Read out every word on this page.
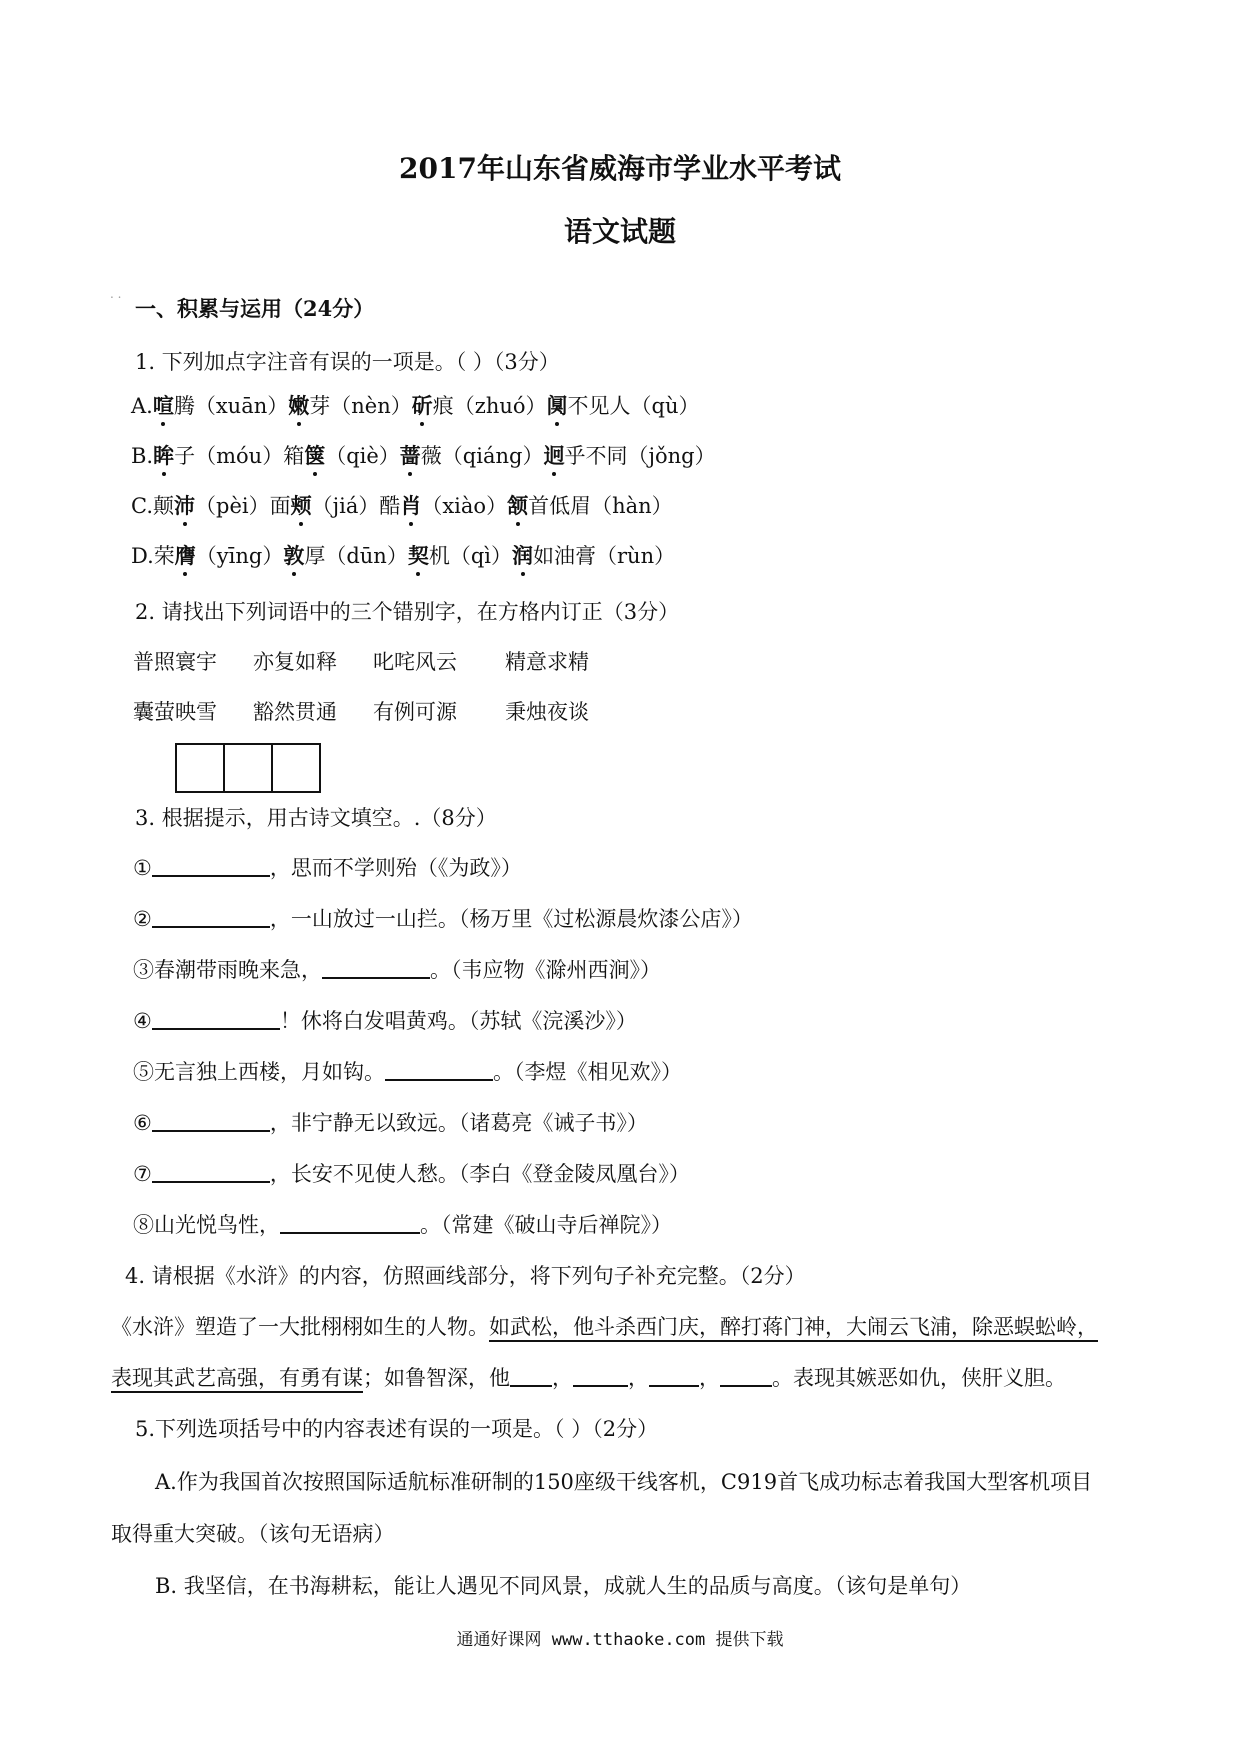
2017年山东省威海市学业水平考试
语文试题
. .
一、积累与运用（24分）
1. 下列加点字注音有误的一项是。（ ）（3分）
A.喧腾（xuān）嫩芽（nèn）斫痕（zhuó）阒不见人（qù）
B.眸子（móu）箱箧（qiè）蔷薇（qiáng）迥乎不同（jǒng）
C.颠沛（pèi）面颊（jiá）酷肖（xiào）颔首低眉（hàn）
D.荣膺（yīng）敦厚（dūn）契机（qì）润如油膏（rùn）
2. 请找出下列词语中的三个错别字，在方格内订正（3分）
普照寰宇 亦复如释 叱咤风云 精意求精
囊萤映雪 豁然贯通 有例可源 秉烛夜谈
3. 根据提示，用古诗文填空。.（8分）
①	，思而不学则殆（《为政》）
②	，一山放过一山拦。（杨万里《过松源晨炊漆公店》）
③春潮带雨晚来急，	。（韦应物《滁州西涧》）
④	！休将白发唱黄鸡。（苏轼《浣溪沙》）
⑤无言独上西楼，月如钩。	。（李煜《相见欢》）
⑥	，非宁静无以致远。（诸葛亮《诫子书》）
⑦	，长安不见使人愁。（李白《登金陵凤凰台》）
⑧山光悦鸟性，	。（常建《破山寺后禅院》）
4. 请根据《水浒》的内容，仿照画线部分，将下列句子补充完整。（2分）
《水浒》塑造了一大批栩栩如生的人物。如武松，他斗杀西门庆，醉打蒋门神，大闹云飞浦，除恶蜈蚣岭，
表现其武艺高强，有勇有谋；如鲁智深，他 ，	， ， 。表现其嫉恶如仇，侠肝义胆。
5.下列选项括号中的内容表述有误的一项是。（ ）（2分）
A.作为我国首次按照国际适航标准研制的150座级干线客机，C919首飞成功标志着我国大型客机项目
取得重大突破。（该句无语病）
B. 我坚信，在书海耕耘，能让人遇见不同风景，成就人生的品质与高度。（该句是单句）
通通好课网 www.tthaoke.com 提供下载
